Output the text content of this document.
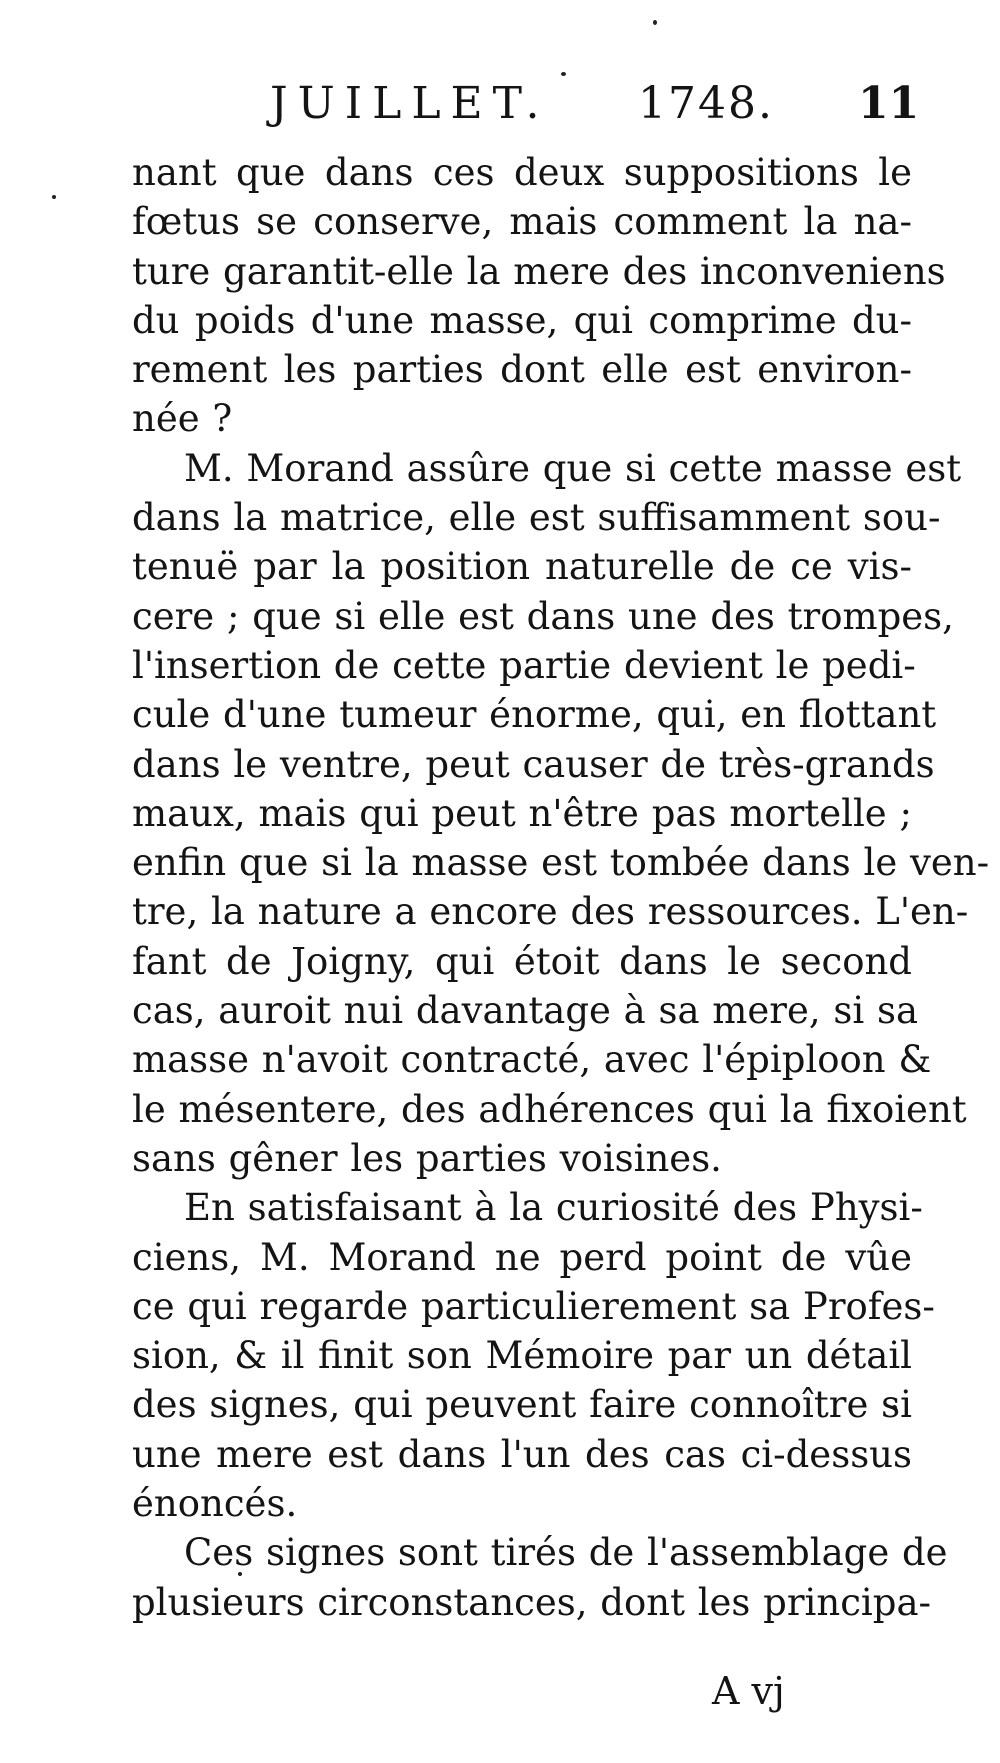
JUILLET. 1748. 11
nant que dans ces deux suppositions le
fœtus se conserve, mais comment la na-
ture garantit-elle la mere des inconveniens
du poids d'une masse, qui comprime du-
rement les parties dont elle est environ-
née ?
M. Morand assûre que si cette masse est
dans la matrice, elle est suffisamment sou-
tenuë par la position naturelle de ce vis-
cere ; que si elle est dans une des trompes,
l'insertion de cette partie devient le pedi-
cule d'une tumeur énorme, qui, en flottant
dans le ventre, peut causer de très-grands
maux, mais qui peut n'être pas mortelle ;
enfin que si la masse est tombée dans le ven-
tre, la nature a encore des ressources. L'en-
fant de Joigny, qui étoit dans le second
cas, auroit nui davantage à sa mere, si sa
masse n'avoit contracté, avec l'épiploon &
le mésentere, des adhérences qui la fixoient
sans gêner les parties voisines.
En satisfaisant à la curiosité des Physi-
ciens, M. Morand ne perd point de vûe
ce qui regarde particulierement sa Profes-
sion, & il finit son Mémoire par un détail
des signes, qui peuvent faire connoître si
une mere est dans l'un des cas ci-dessus
énoncés.
Ces signes sont tirés de l'assemblage de
plusieurs circonstances, dont les principa-
A vj
